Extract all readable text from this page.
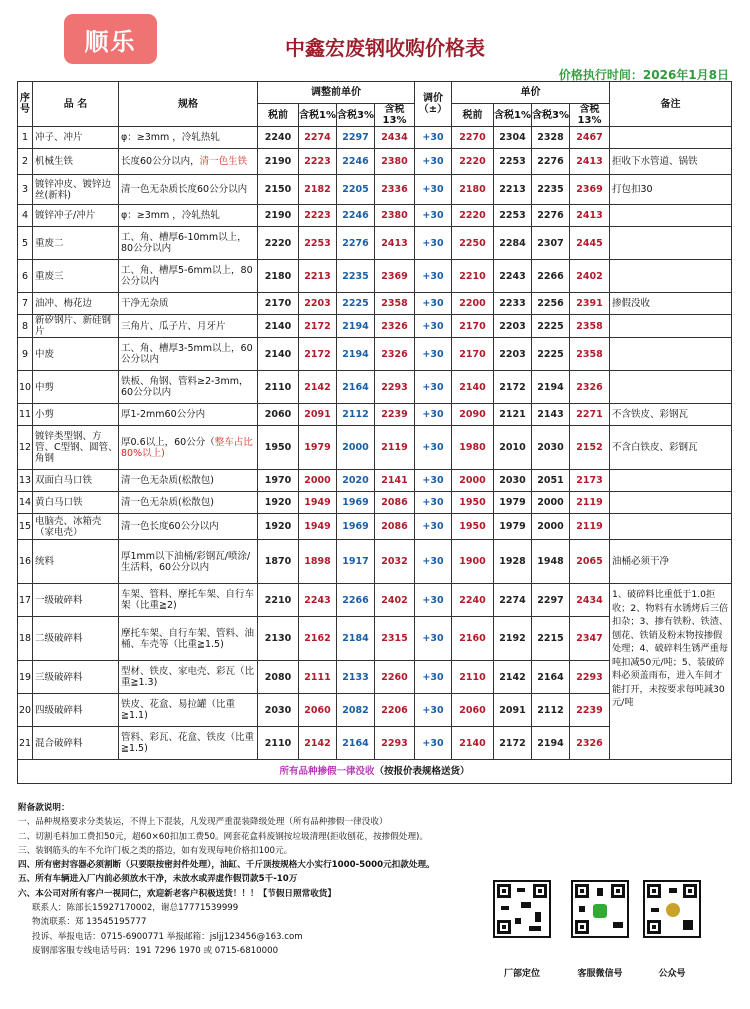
顺乐	中鑫宏废钢收购价格表
价格执行时间：2026年1月8日
序号	品 名	规格	调整前单价				调价（±）	单价				备注
			税前	含税1%	含税3%	含税13%		税前	含税1%	含税3%	含税13%	
1	冲子、冲片	φ：≥3mm ，冷轧热轧	2240	2274	2297	2434	+30	2270	2304	2328	2467	
2	机械生铁	长度60公分以内，清一色生铁	2190	2223	2246	2380	+30	2220	2253	2276	2413	拒收下水管道、锅铁
3	镀锌冲皮、镀锌边丝(新料)	清一色无杂质长度60公分以内	2150	2182	2205	2336	+30	2180	2213	2235	2369	打包扣30
4	镀锌冲子/冲片	φ：≥3mm ，冷轧热轧	2190	2223	2246	2380	+30	2220	2253	2276	2413	
5	重废二	工、角、槽厚6-10mm以上，80公分以内	2220	2253	2276	2413	+30	2250	2284	2307	2445	
6	重废三	工、角、槽厚5-6mm以上，80公分以内	2180	2213	2235	2369	+30	2210	2243	2266	2402	
7	油冲、梅花边	干净无杂质	2170	2203	2225	2358	+30	2200	2233	2256	2391	掺假没收
8	新矽钢片、新硅钢片	三角片、瓜子片、月牙片	2140	2172	2194	2326	+30	2170	2203	2225	2358	
9	中废	工、角、槽厚3-5mm以上，60公分以内	2140	2172	2194	2326	+30	2170	2203	2225	2358	
10	中剪	铁板、角钢、管料≥2-3mm，60公分以内	2110	2142	2164	2293	+30	2140	2172	2194	2326	
11	小剪	厚1-2mm60公分内	2060	2091	2112	2239	+30	2090	2121	2143	2271	不含铁皮、彩钢瓦
12	镀锌类型钢、方管、C型钢、圆管、角钢	厚0.6以上，60公分（整车占比80%以上)	1950	1979	2000	2119	+30	1980	2010	2030	2152	不含白铁皮、彩钢瓦
13	双面白马口铁	清一色无杂质(松散包)	1970	2000	2020	2141	+30	2000	2030	2051	2173	
14	黄白马口铁	清一色无杂质(松散包)	1920	1949	1969	2086	+30	1950	1979	2000	2119	
15	电脑壳、冰箱壳（家电壳）	清一色长度60公分以内	1920	1949	1969	2086	+30	1950	1979	2000	2119	
16	统料	厚1mm以下油桶/彩钢瓦/喷涂/生活料，60公分以内	1870	1898	1917	2032	+30	1900	1928	1948	2065	油桶必须干净
17	一级破碎料	车架、管料、摩托车架、自行车架（比重≧2)	2210	2243	2266	2402	+30	2240	2274	2297	2434	1、破碎料比重低于1.0拒收；2、物料有水锈烤后三倍扣杂；3、掺有铁粉、铁渣、刨花、铁销及粉末物按掺假处理；4、破碎料生锈严重每吨扣减50元/吨；5、装破碎料必须盖雨布，进入车间才能打开，未按要求每吨减30元/吨
18	二级破碎料	摩托车架、自行车架、管料、油桶、车壳等（比重≧1.5)	2130	2162	2184	2315	+30	2160	2192	2215	2347	
19	三级破碎料	型材、铁皮、家电壳、彩瓦（比重≧1.3)	2080	2111	2133	2260	+30	2110	2142	2164	2293	
20	四级破碎料	铁皮、花盒、易拉罐（比重≧1.1)	2030	2060	2082	2206	+30	2060	2091	2112	2239	
21	混合破碎料	管料、彩瓦、花盒、铁皮（比重≧1.5)	2110	2142	2164	2293	+30	2140	2172	2194	2326	
所有品种掺假一律没收（按报价表规格送货）												
附备款说明：
一、品种规格要求分类装运，不得上下混装，凡发现严重混装降级处理（所有品种掺假一律没收）
二、切割毛料加工费扣50元，超60×60扣加工费50。网套花盒料废钢按垃圾清理(拒收刨花，按掺假处理)。
三、装钢筋头的车不允许门板之类的搭边，如有发现每吨价格扣100元。
四、所有密封容器必须割断（只要限按密封件处理），油缸、千斤顶按规格大小实行1000-5000元扣款处理。
五、所有车辆进入厂内前必须放水干净，未放水或弄虚作假罚款5千-10万
六、本公司对所有客户一视同仁，欢迎新老客户积极送货！！！【节假日照常收货】
联系人：陈部长15927170002，谢总17771539999
物流联系：郑 13545195777
投诉、举报电话：0715-6900771 举报邮箱：jsljj123456@163.com
废钢部客服专线电话号码：191 7296 1970 或 0715-6810000
厂部定位	客服微信号	公众号
